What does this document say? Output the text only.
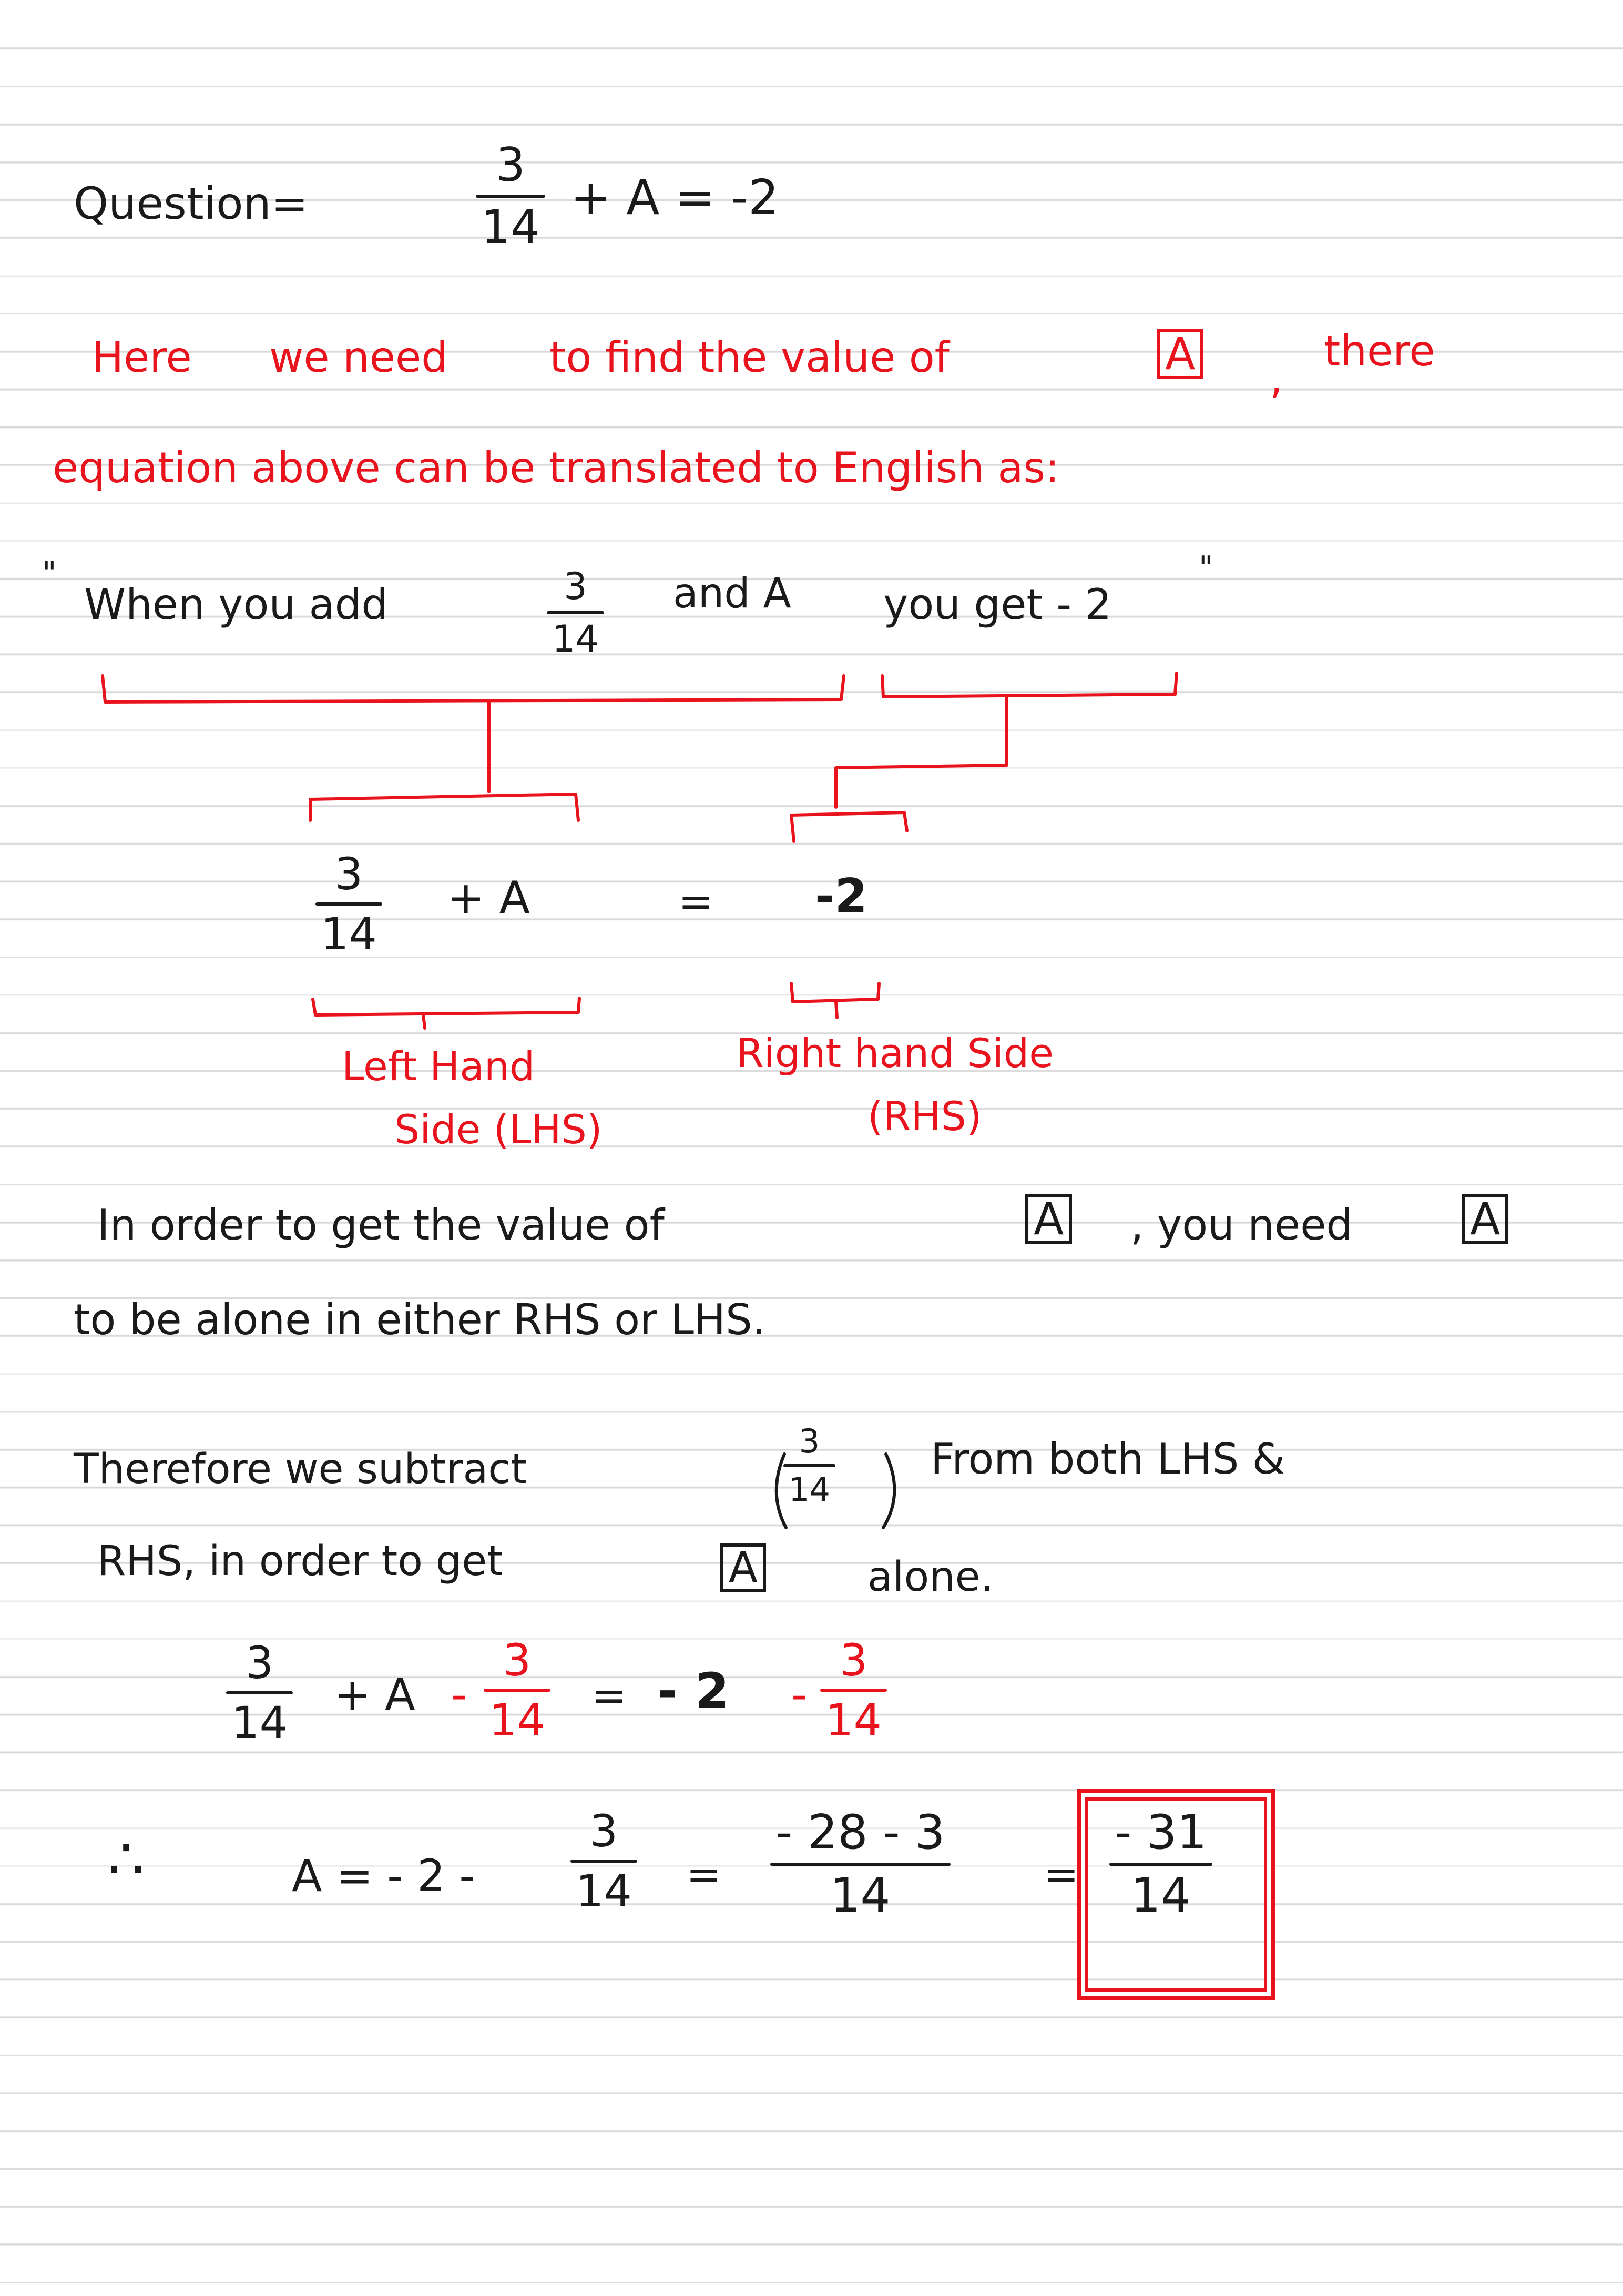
Question=
3
14
+ A = -2
Here we need to find the value of	A ,
there
equation above can be translated to English as:
"
When you add	3
14
and A you get - 2
"
3
14
+ A	= -2
Left Hand
Side (LHS)
Right hand Side
(RHS)
In order to get the value of	A , you need	A
to be alone in either RHS or LHS.
Therefore we subtract
3
14
From both LHS &
RHS, in order to get	A	alone.
3
14
+ A -
3
14 = - 2 -
3
14
∴	A = - 2 -
3
14 =
- 28 - 3
14	=
- 31
14
